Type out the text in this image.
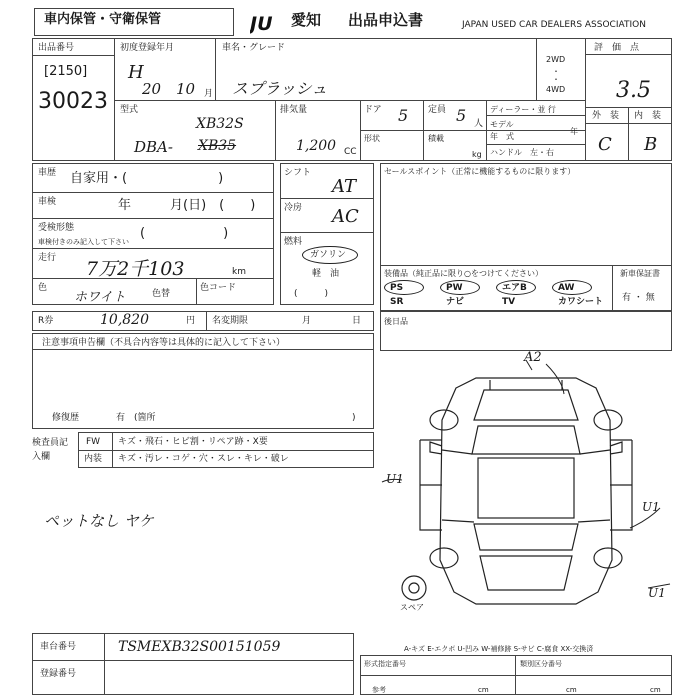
車内保管・守衛保管	JU 愛知 出品申込書	JAPAN USED CAR DEALERS ASSOCIATION
出品番号
[2150]
30023
初度登録年月
H
20 10 月
車名・グレード
スプラッシュ
2WD
・
・
4WD
評　価　点
3.5
型式
XB32S
DBA- XB35
排気量
1,200 CC
ドア 5 定員 5 人
ディーラー・並 行
モデル
年
年　式
形状	積載
kg ハンドル　左・右
外　装 内　装
C B
車歴 自家用・(　　　　　　　)
車検	年　　　月(日)　(　　)
受検形態
車検付きのみ記入して下さい
(　　　　　　)
走行 7万2千103	km
色
ホワイト	色替
色コード
シフト
AT
冷房 AC
燃料
ガソリン
軽　油
(　　　)
セールスポイント（正常に機能するものに限ります）
装備品（純正品に限り○をつけてください）	新車保証書
有 ・ 無
PS	PW	エアB	AW
SR	ナビ	TV	カワシート
R券	10,820	円 名変期限	月	日	後日品
注意事項申告欄（不具合内容等は具体的に記入して下さい）
修復歴	有　(箇所	)
検査員記入欄
FW キズ・飛石・ヒビ割・リペア跡・X要
内装 キズ・汚レ・コゲ・穴・スレ・キレ・破レ
ペットなし ヤケ
A2
U1
U1
U1
スペア
A-キズ E-エクボ U-凹み W-補修跡 S-サビ C-腐食 XX-交換済
車台番号	TSMEXB32S00151059
登録番号
形式指定番号	類別区分番号
参考	cm	cm	cm
